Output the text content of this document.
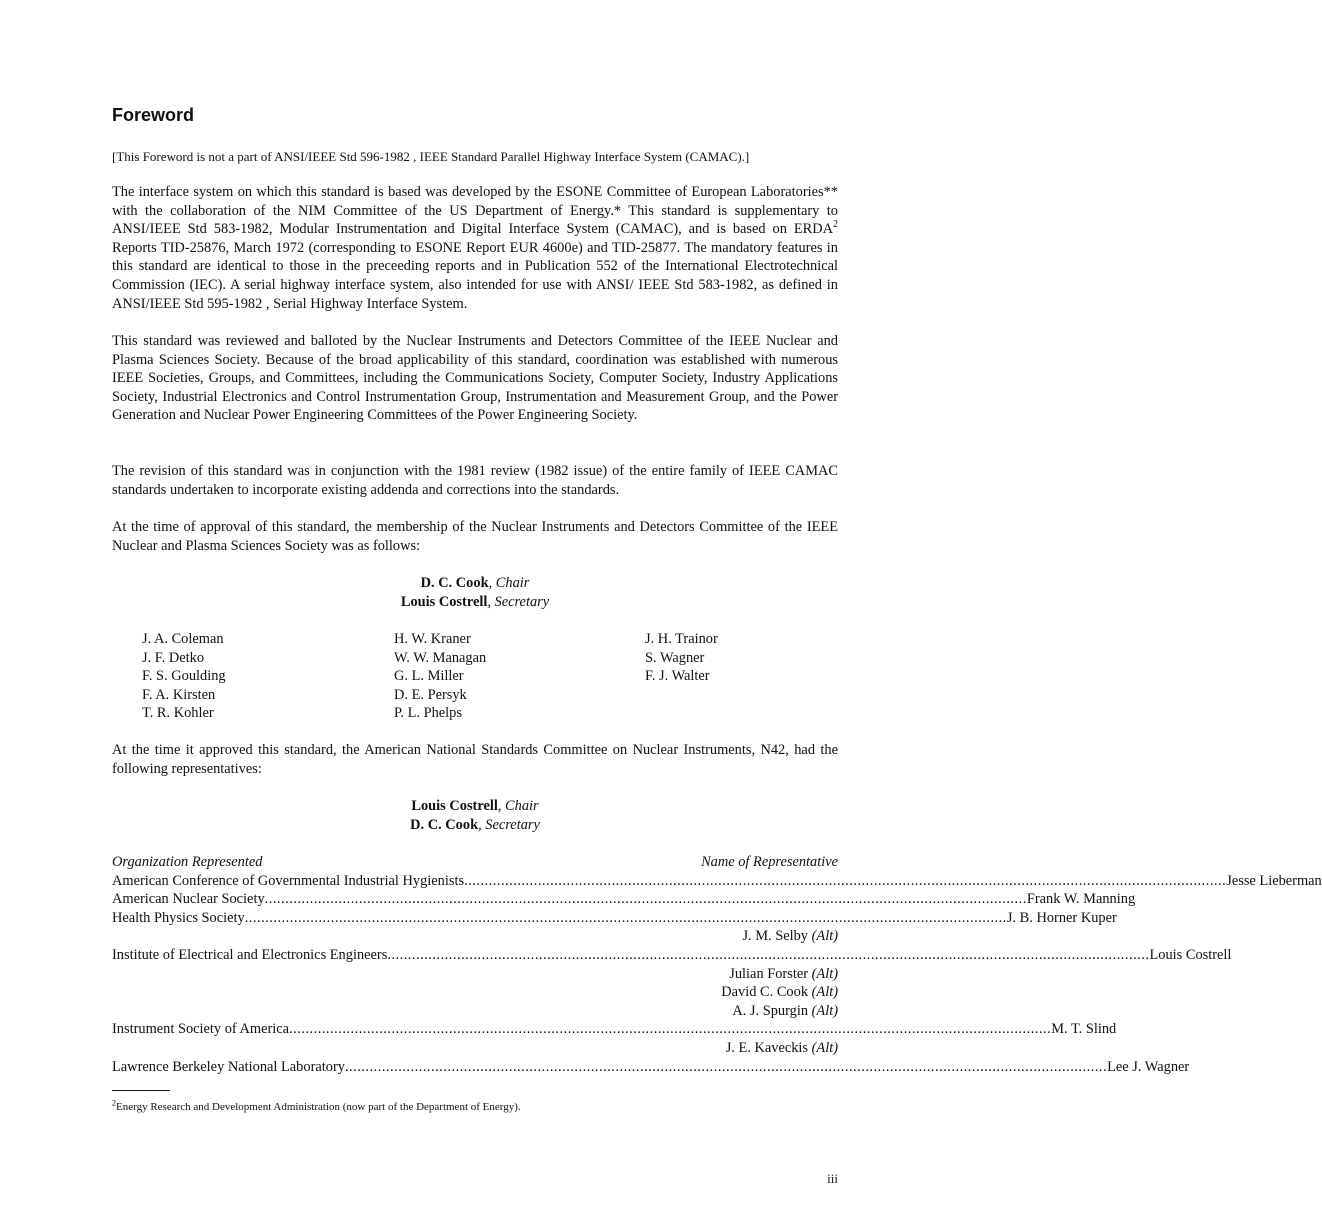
Foreword
[This Foreword is not a part of ANSI/IEEE Std 596-1982 , IEEE Standard Parallel Highway Interface System (CAMAC).]

The interface system on which this standard is based was developed by the ESONE Committee of European Laboratories** with the collaboration of the NIM Committee of the US Department of Energy.* This standard is supplementary to ANSI/IEEE Std 583-1982, Modular Instrumentation and Digital Interface System (CAMAC), and is based on ERDA$^2$ Reports TID-25876, March 1972 (corresponding to ESONE Report EUR 4600e) and TID-25877. The mandatory features in this standard are identical to those in the preceeding reports and in Publication 552 of the International Electrotechnical Commission (IEC). A serial highway interface system, also intended for use with ANSI/ IEEE Std 583-1982, as defined in ANSI/IEEE Std 595-1982 , Serial Highway Interface System.

This standard was reviewed and balloted by the Nuclear Instruments and Detectors Committee of the IEEE Nuclear and Plasma Sciences Society. Because of the broad applicability of this standard, coordination was established with numerous IEEE Societies, Groups, and Committees, including the Communications Society, Computer Society, Industry Applications Society, Industrial Electronics and Control Instrumentation Group, Instrumentation and Measurement Group, and the Power Generation and Nuclear Power Engineering Committees of the Power Engineering Society.

The revision of this standard was in conjunction with the 1981 review (1982 issue) of the entire family of IEEE CAMAC standards undertaken to incorporate existing addenda and corrections into the standards.

At the time of approval of this standard, the membership of the Nuclear Instruments and Detectors Committee of the IEEE Nuclear and Plasma Sciences Society was as follows:

D. C. Cook, Chair
Louis Costrell, Secretary
J. A. Coleman
J. F. Detko
F. S. Goulding
F. A. Kirsten
T. R. Kohler
H. W. Kraner
W. W. Managan
G. L. Miller
D. E. Persyk
P. L. Phelps
J. H. Trainor
S. Wagner
F. J. Walter

At the time it approved this standard, the American National Standards Committee on Nuclear Instruments, N42, had the following representatives:

Louis Costrell, Chair
D. C. Cook, Secretary
Organization Represented	Name of Representative
American Conference of Governmental Industrial Hygienists .......................................................................................................................................................................................... Jesse Lieberman
American Nuclear Society .......................................................................................................................................................................................... Frank W. Manning
Health Physics Society .......................................................................................................................................................................................... J. B. Horner Kuper
J. M. Selby (Alt)
Institute of Electrical and Electronics Engineers .......................................................................................................................................................................................... Louis Costrell
Julian Forster (Alt)
David C. Cook (Alt)
A. J. Spurgin (Alt)
Instrument Society of America .......................................................................................................................................................................................... M. T. Slind
J. E. Kaveckis (Alt)
Lawrence Berkeley National Laboratory .......................................................................................................................................................................................... Lee J. Wagner
$^2$Energy Research and Development Administration (now part of the Department of Energy).
iii
